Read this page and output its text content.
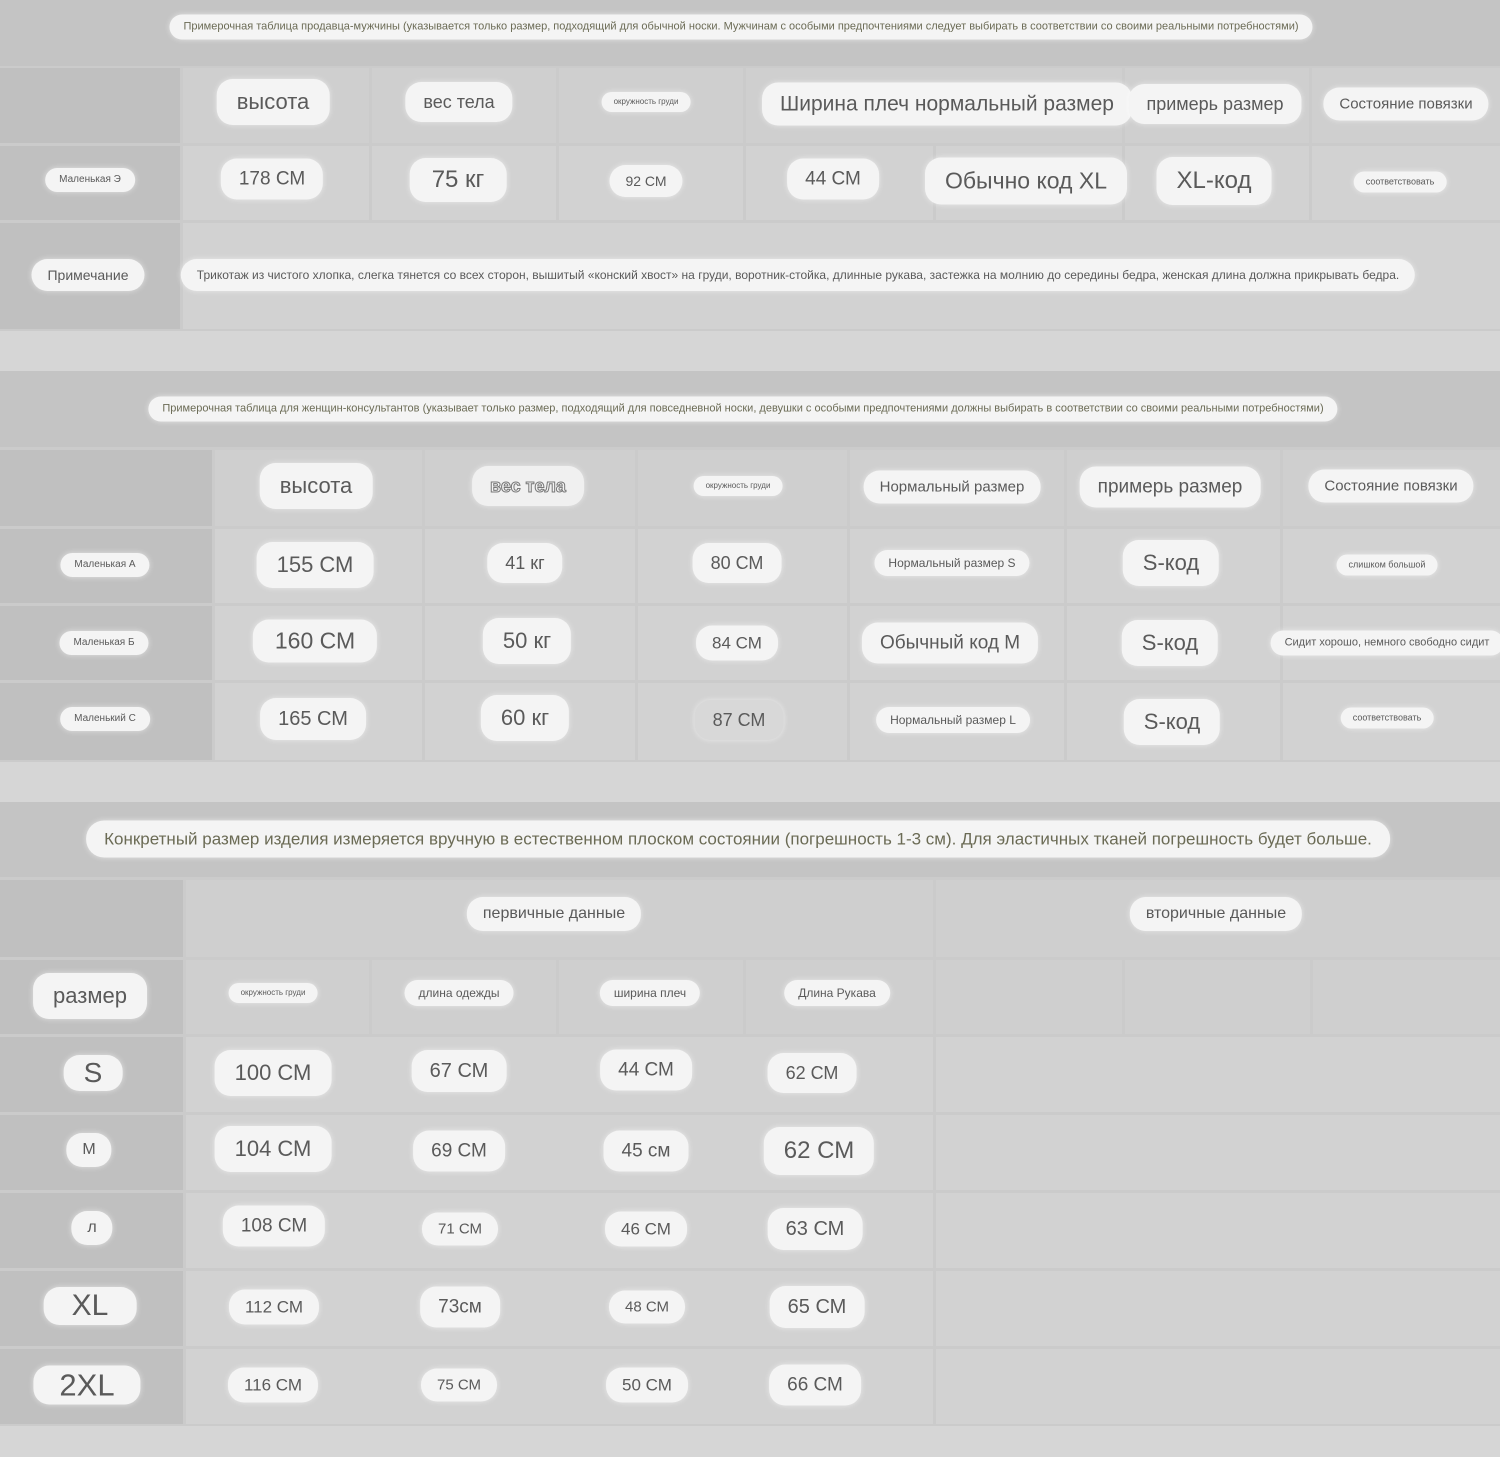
Примерочная таблица продавца-мужчины (указывается только размер, подходящий для обычной носки. Мужчинам с особыми предпочтениями следует выбирать в соответствии со своими реальными потребностями)
высота	вес тела	окружность груди	Ширина плеч нормальный размер	примерь размер	Состояние повязки
Маленькая Э	178 СМ	75 кг	92 СМ	44 СМ	Обычно код XL	XL-код	соответствовать
Примечание	Трикотаж из чистого хлопка, слегка тянется со всех сторон, вышитый «конский хвост» на груди, воротник-стойка, длинные рукава, застежка на молнию до середины бедра, женская длина должна прикрывать бедра.
Примерочная таблица для женщин-консультантов (указывает только размер, подходящий для повседневной носки, девушки с особыми предпочтениями должны выбирать в соответствии со своими реальными потребностями)
высота	вес тела	окружность груди	Нормальный размер	примерь размер	Состояние повязки
Маленькая А	155 СМ	41 кг	80 СМ	Нормальный размер S	S-код	слишком большой
Маленькая Б	160 СМ	50 кг	84 СМ	Обычный код М	S-код	Сидит хорошо, немного свободно сидит
Маленький С	165 СМ	60 кг	87 СМ	Нормальный размер L	S-код	соответствовать
Конкретный размер изделия измеряется вручную в естественном плоском состоянии (погрешность 1-3 см). Для эластичных тканей погрешность будет больше.
первичные данные	вторичные данные
размер	окружность груди	длина одежды	ширина плеч	Длина Рукава
S	100 СМ	67 СМ	44 СМ	62 СМ
M	104 СМ	69 СМ	45 см	62 СМ
л	108 СМ	71 СМ	46 СМ	63 СМ
XL	112 СМ	73см	48 СМ	65 СМ
2XL	116 СМ	75 СМ	50 СМ	66 СМ
